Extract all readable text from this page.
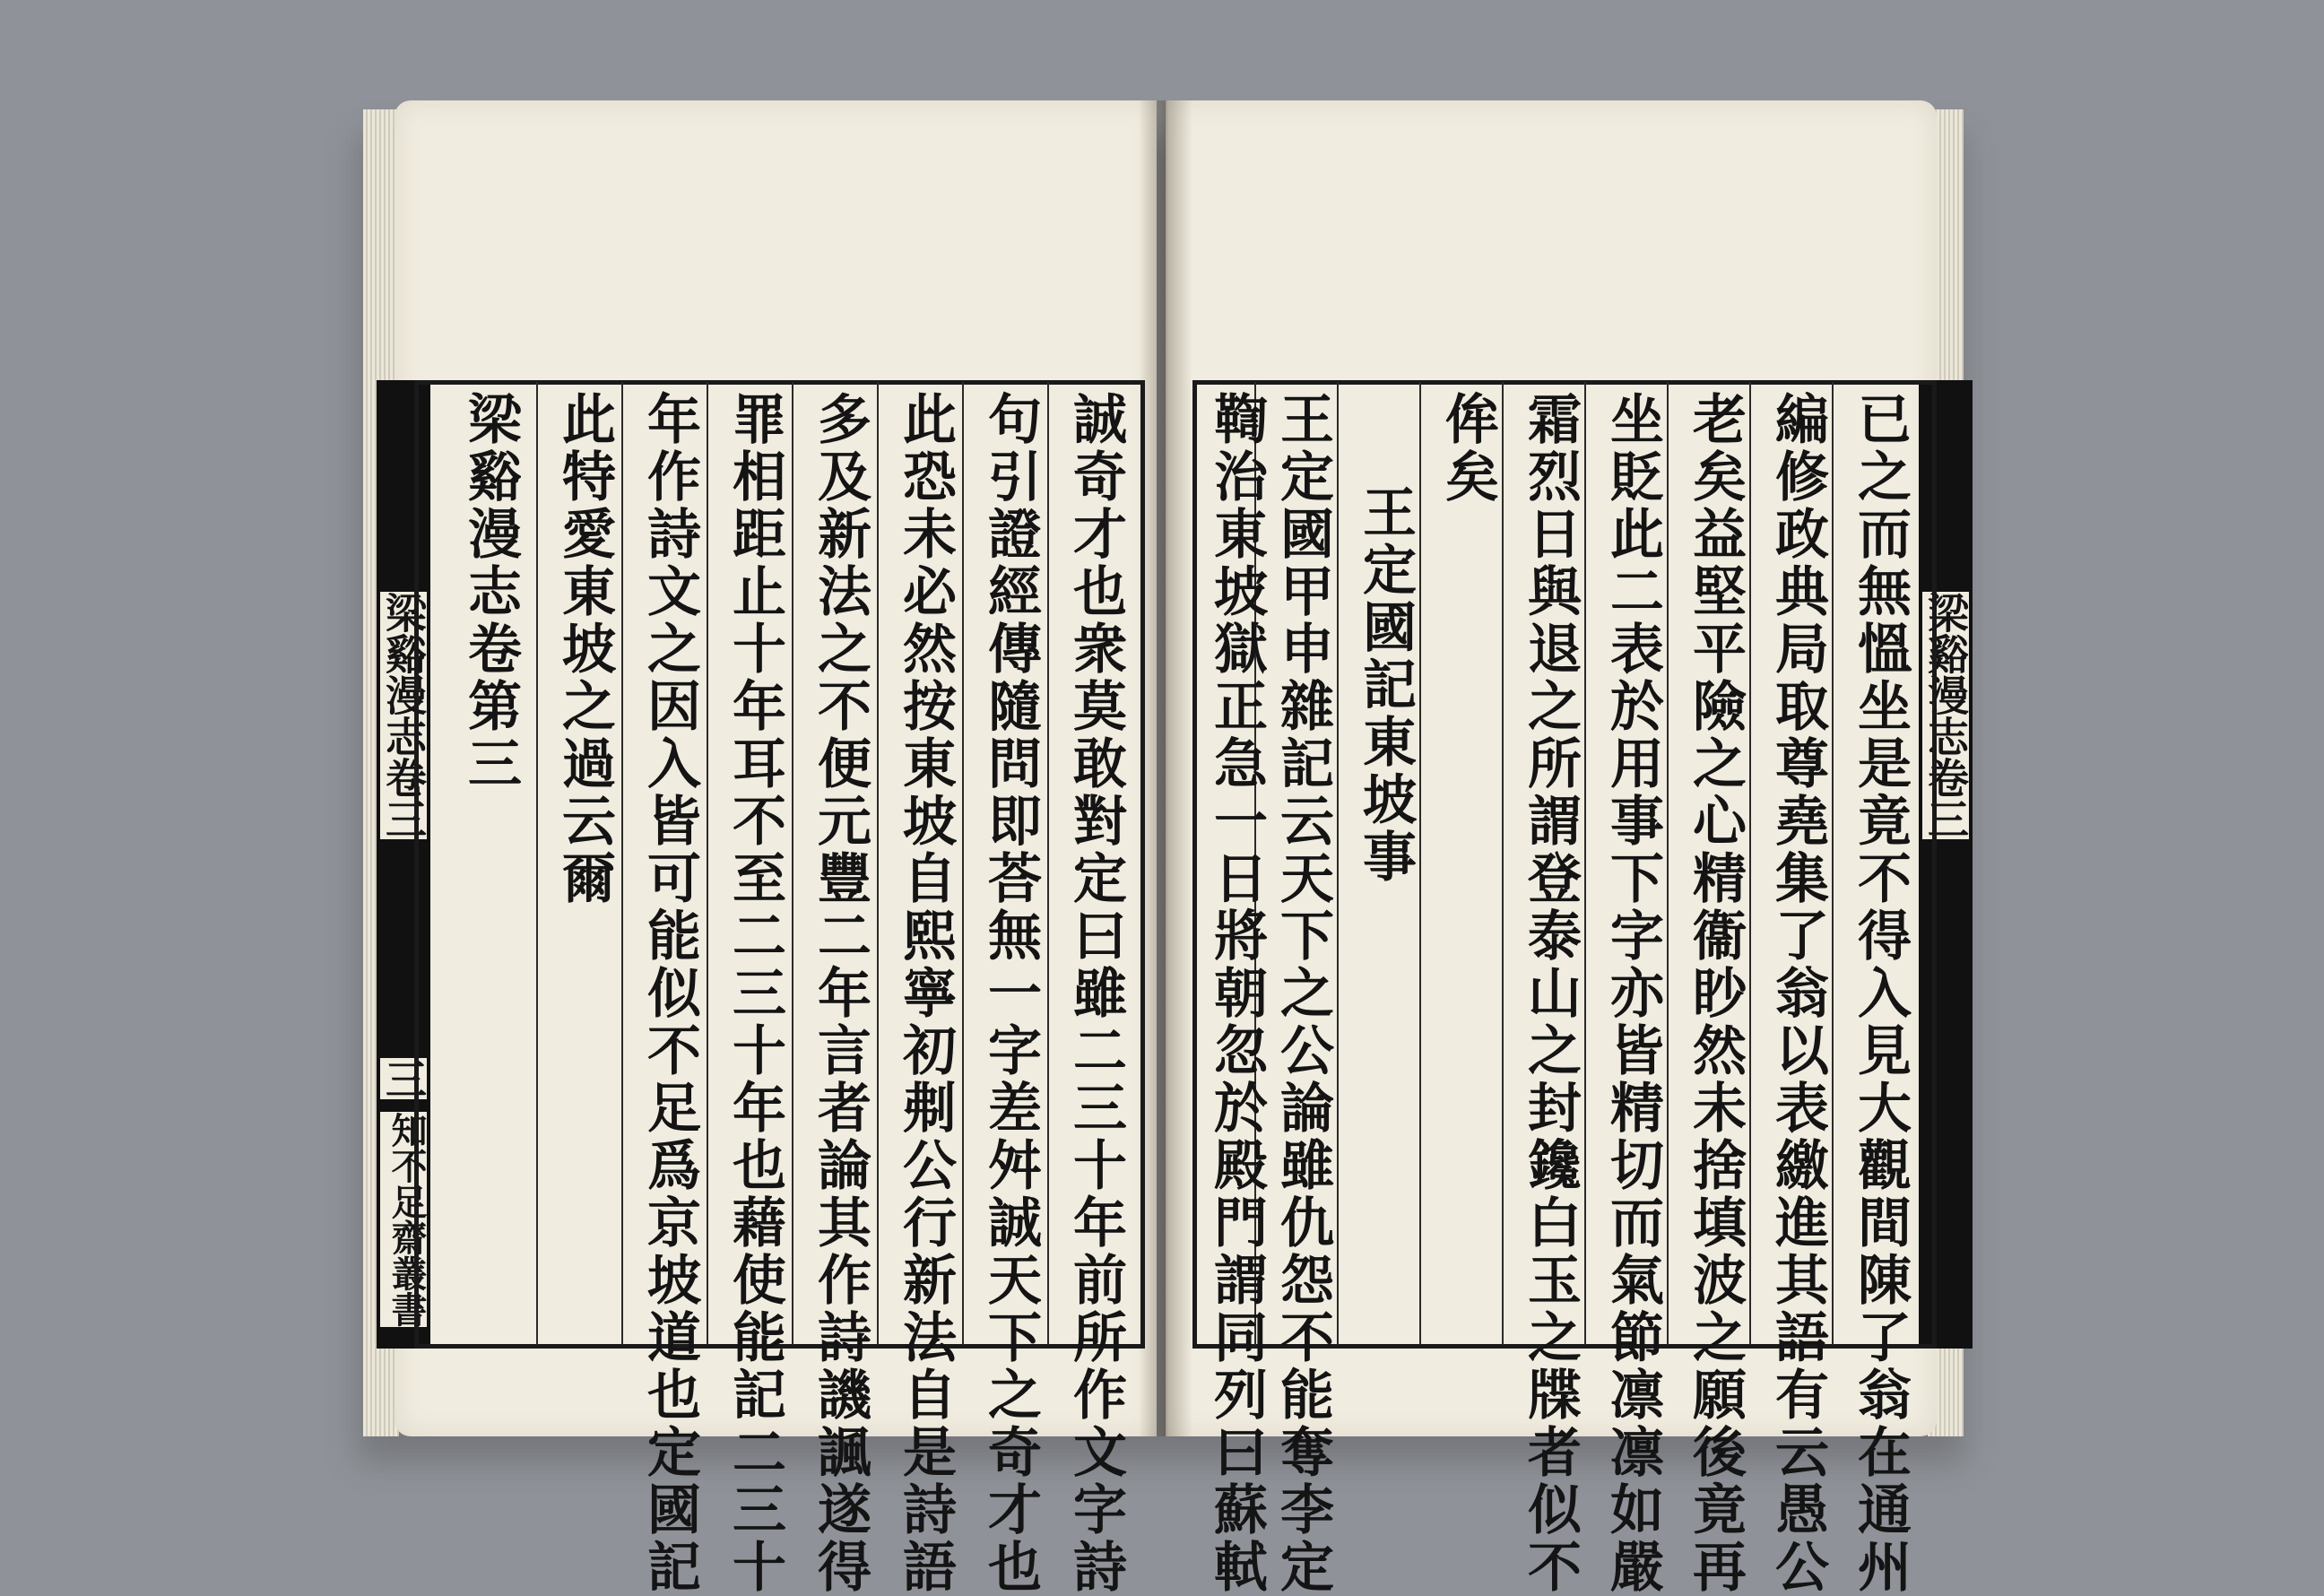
梁谿漫志卷三
三
知不足齋叢書
梁谿漫志卷三
誠奇才也衆莫敢對定曰雖二三十年前所作文字詩
句引證經傳隨問即荅無一字差舛誠天下之奇才也
此恐未必然按東坡自熙寧初刜公行新法自是詩語
多及新法之不便元豐二年言者論其作詩譏諷遂得
罪相距止十年耳不至二三十年也藉使能記二三十
年作詩文之因入皆可能似不足爲京坡道也定國記
此特愛東坡之過云爾
梁谿漫志卷第三	已之而無慍坐是竟不得入見大觀間陳了翁在通州
編修政典局取尊堯集了翁以表繳進其語有云愚公
老矣益堅平險之心精衞眇然未捨填波之願後竟再
坐貶此二表於用事下字亦皆精切而氣節凛凛如嚴
霜烈日與退之所謂登泰山之封鑱白玉之牒者似不
侔矣
王定國記東坡事
王定國甲申雜記云天下之公論雖仇怨不能奪李定
鞫治東坡獄正急一日將朝忽於殿門謂同列曰蘇軾
